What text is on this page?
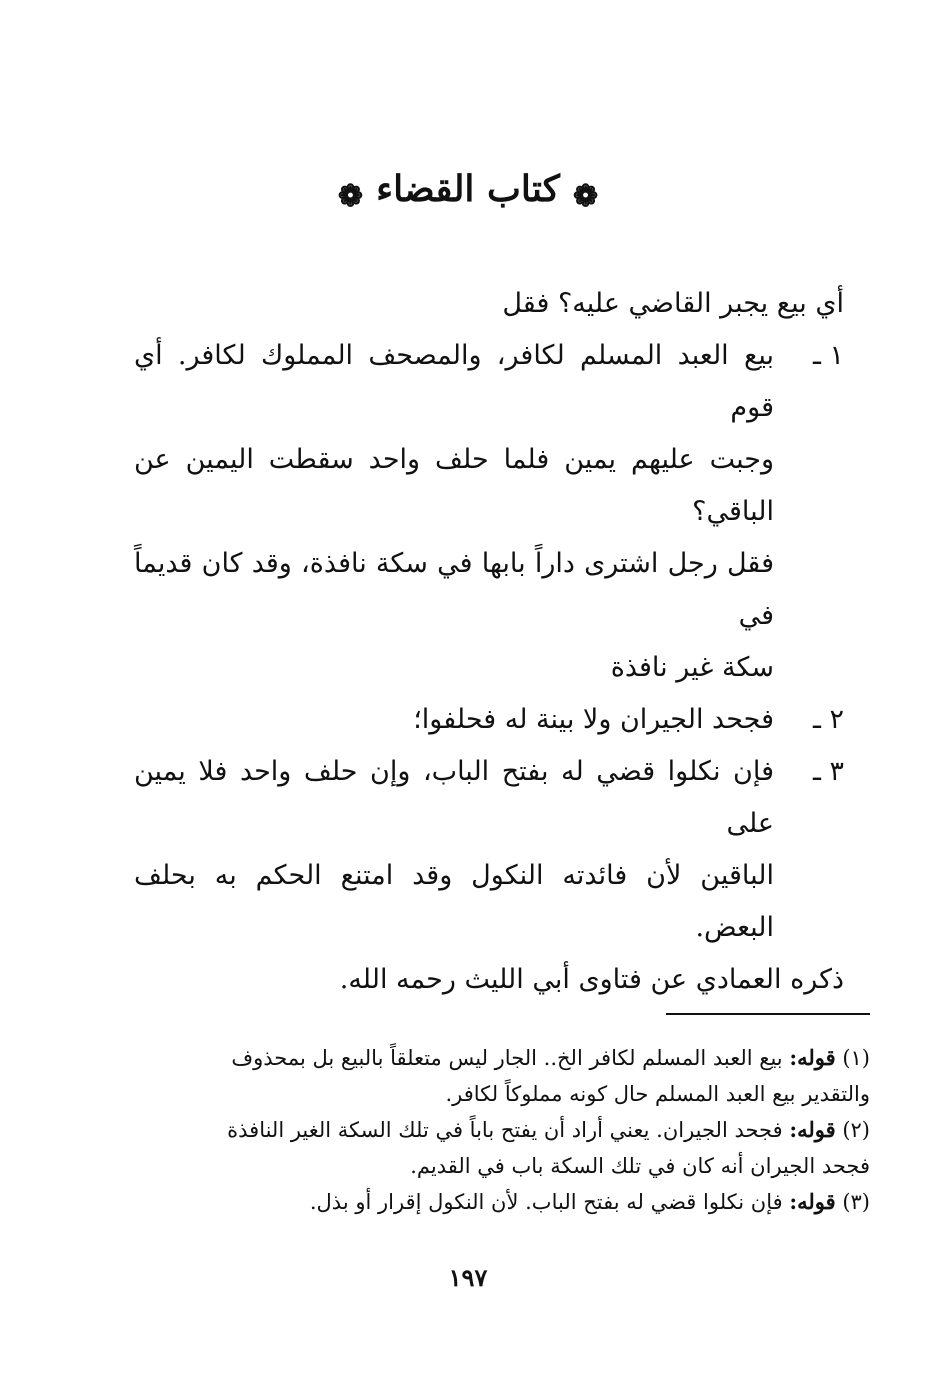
❁ كتاب القضاء ❁
أي بيع يجبر القاضي عليه؟ فقل
١ ـ
بيع العبد المسلم لكافر، والمصحف المملوك لكافر. أي قوم
وجبت عليهم يمين فلما حلف واحد سقطت اليمين عن الباقي؟
فقل رجل اشترى داراً بابها في سكة نافذة، وقد كان قديماً في
سكة غير نافذة
٢ ـ
فجحد الجيران ولا بينة له فحلفوا؛
٣ ـ
فإن نكلوا قضي له بفتح الباب، وإن حلف واحد فلا يمين على
الباقين لأن فائدته النكول وقد امتنع الحكم به بحلف البعض.
ذكره العمادي عن فتاوى أبي الليث رحمه الله.
(١) قوله: بيع العبد المسلم لكافر الخ.. الجار ليس متعلقاً بالبيع بل بمحذوف
والتقدير بيع العبد المسلم حال كونه مملوكاً لكافر.
(٢) قوله: فجحد الجيران. يعني أراد أن يفتح باباً في تلك السكة الغير النافذة
فجحد الجيران أنه كان في تلك السكة باب في القديم.
(٣) قوله: فإن نكلوا قضي له بفتح الباب. لأن النكول إقرار أو بذل.
١٩٧
